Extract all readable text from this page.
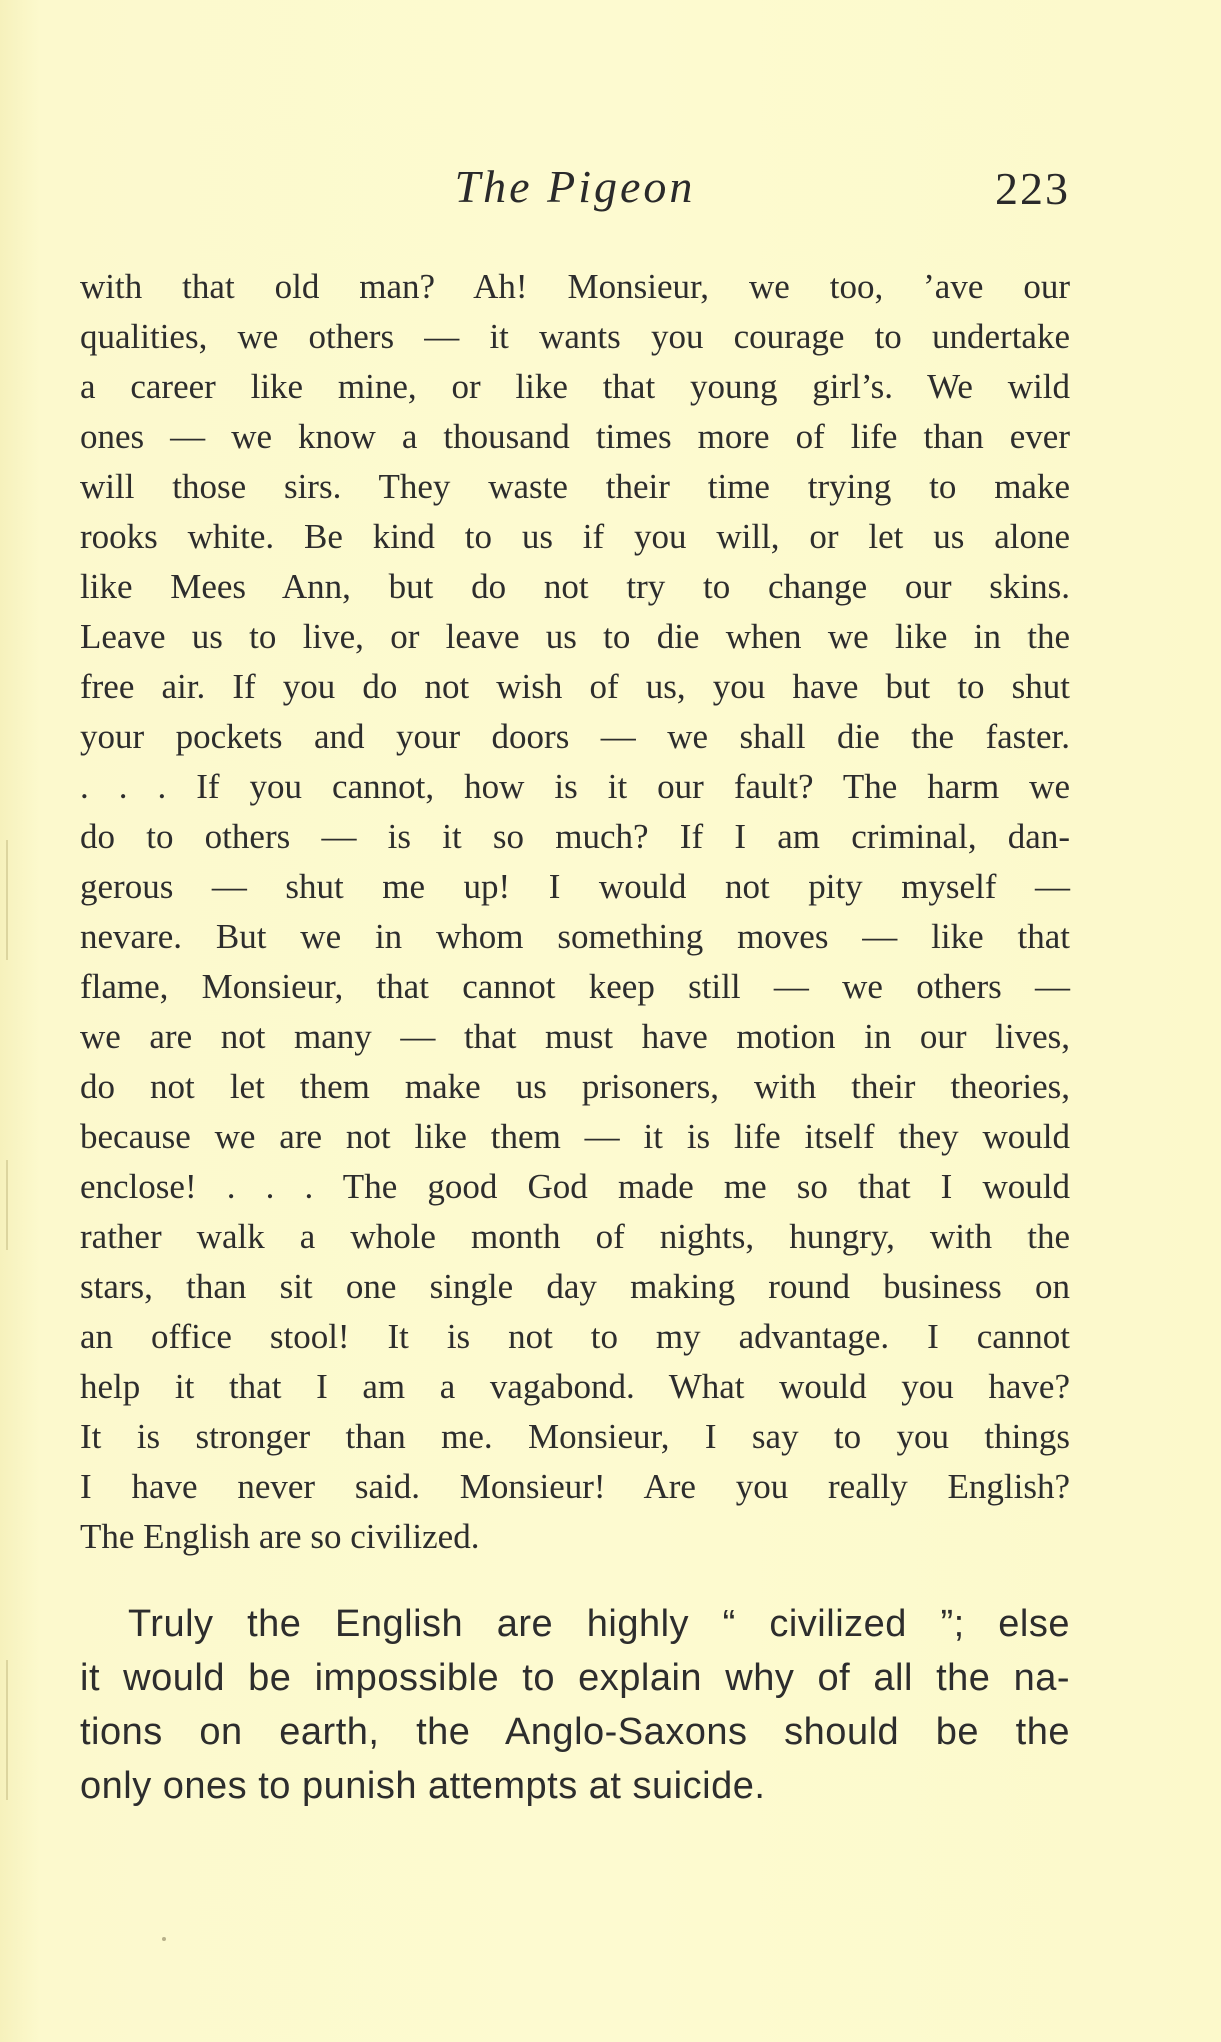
The Pigeon	223
with that old man? Ah! Monsieur, we too, ’ave our
qualities, we others — it wants you courage to undertake
a career like mine, or like that young girl’s. We wild
ones — we know a thousand times more of life than ever
will those sirs. They waste their time trying to make
rooks white. Be kind to us if you will, or let us alone
like Mees Ann, but do not try to change our skins.
Leave us to live, or leave us to die when we like in the
free air. If you do not wish of us, you have but to shut
your pockets and your doors — we shall die the faster.
. . . If you cannot, how is it our fault? The harm we
do to others — is it so much? If I am criminal, dan-
gerous — shut me up! I would not pity myself —
nevare. But we in whom something moves — like that
flame, Monsieur, that cannot keep still — we others —
we are not many — that must have motion in our lives,
do not let them make us prisoners, with their theories,
because we are not like them — it is life itself they would
enclose! . . . The good God made me so that I would
rather walk a whole month of nights, hungry, with the
stars, than sit one single day making round business on
an office stool! It is not to my advantage. I cannot
help it that I am a vagabond. What would you have?
It is stronger than me. Monsieur, I say to you things
I have never said. Monsieur! Are you really English?
The English are so civilized.
Truly the English are highly “ civilized ”; else
it would be impossible to explain why of all the na-
tions on earth, the Anglo-Saxons should be the
only ones to punish attempts at suicide.
